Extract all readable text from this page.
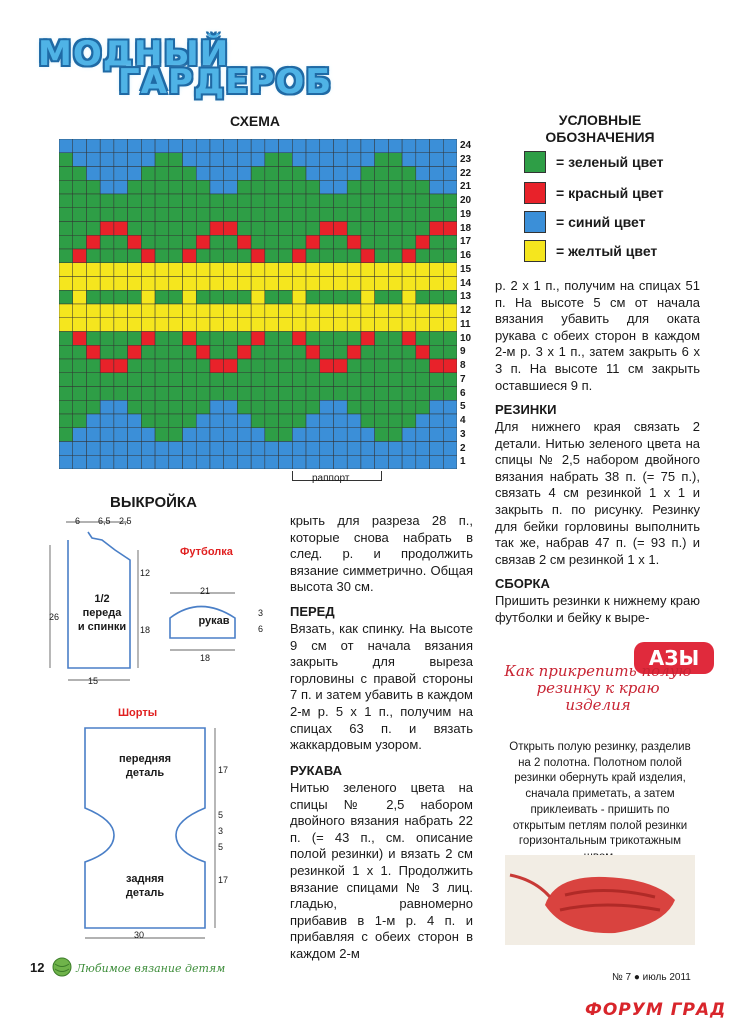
МОДНЫЙ
ГАРДЕРОБ
СХЕМА
24
23
22
21
20
19
18
17
16
15
14
13
12
11
10
9
8
7
6
5
4
3
2
1
раппорт
УСЛОВНЫЕ
ОБОЗНАЧЕНИЯ
= зеленый цвет
= красный цвет
= синий цвет
= желтый цвет
р. 2 х 1 п., получим на спицах 51 п. На высоте 5 см от начала вязания убавить для оката рукава с обеих сторон в каждом 2-м р. 3 х 1 п., затем закрыть 6 х 3 п. На высоте 11 см закрыть оставшиеся 9 п.
РЕЗИНКИ
Для нижнего края связать 2 детали. Нитью зеленого цвета на спицы № 2,5 набором двойного вязания набрать 38 п. (= 75 п.), связать 4 см резинкой 1 х 1 и закрыть п. по рисунку. Резинку для бейки горловины выполнить так же, набрав 47 п. (= 93 п.) и связав 2 см резинкой 1 х 1.
СБОРКА
Пришить резинки к нижнему краю футболки и бейку к выре-
крыть для разреза 28 п., которые снова набрать в след. р. и продолжить вязание симметрично. Общая высота 30 см.
ПЕРЕД
Вязать, как спинку. На высоте 9 см от начала вязания закрыть для выреза горловины с правой стороны 7 п. и затем убавить в каждом 2-м р. 5 х 1 п., получим на спицах 63 п. и вязать жаккардовым узором.
РУКАВА
Нитью зеленого цвета на спицы № 2,5 набором двойного вязания набрать 22 п. (= 43 п., см. описание полой резинки) и вязать 2 см резинкой 1 х 1. Продолжить вязание спицами № 3 лиц. гладью, равномерно прибавив в 1-м р. 4 п. и прибавляя с обеих сторон в каждом 2-м
ВЫКРОЙКА
Футболка
Шорты
6 6,5 2,5
12
26
18
15
21
3
6
18
17
5
3
5
17
30
1/2
переда
и спинки	рукав
передняя
деталь
задняя
деталь
АЗЫ
Как прикрепить полую резинку к краю изделия
Открыть полую резинку, разделив на 2 полотна. Полотном полой резинки обернуть край изделия, сначала приметать, а затем приклеивать - пришить по открытым петлям полой резинки горизонтальным трикотажным
12	Любимое вязание детям
№ 7 ● июль 2011
ФОРУМ ГРАД
